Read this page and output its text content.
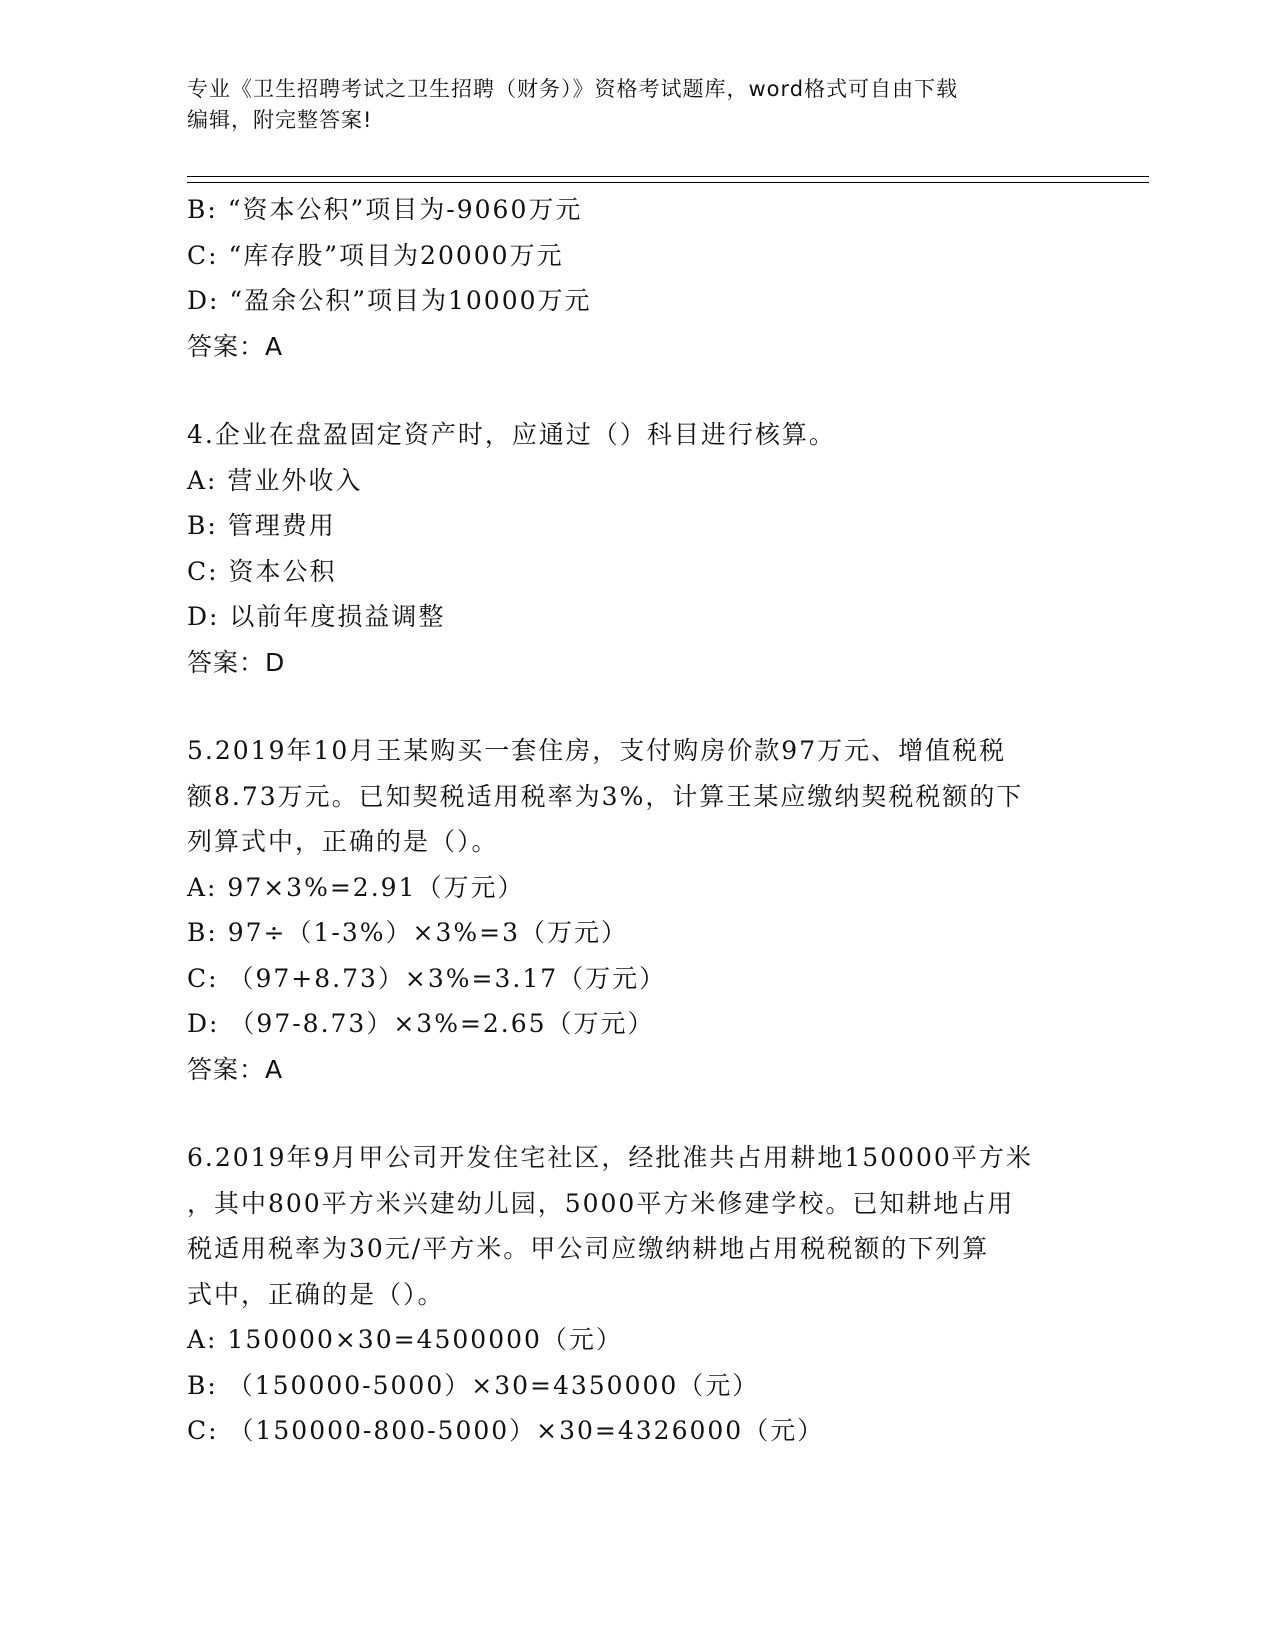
专业《卫生招聘考试之卫生招聘（财务）》资格考试题库，word格式可自由下载
编辑，附完整答案!
B: “资本公积”项目为-9060万元
C: “库存股”项目为20000万元
D: “盈余公积”项目为10000万元
答案：A
4.企业在盘盈固定资产时，应通过（）科目进行核算。
A: 营业外收入
B: 管理费用
C: 资本公积
D: 以前年度损益调整
答案：D
5.2019年10月王某购买一套住房，支付购房价款97万元、增值税税
额8.73万元。已知契税适用税率为3%，计算王某应缴纳契税税额的下
列算式中，正确的是（）。
A: 97×3%=2.91（万元）
B: 97÷（1-3%）×3%=3（万元）
C: （97+8.73）×3%=3.17（万元）
D: （97-8.73）×3%=2.65（万元）
答案：A
6.2019年9月甲公司开发住宅社区，经批准共占用耕地150000平方米
，其中800平方米兴建幼儿园，5000平方米修建学校。已知耕地占用
税适用税率为30元/平方米。甲公司应缴纳耕地占用税税额的下列算
式中，正确的是（）。
A: 150000×30=4500000（元）
B: （150000-5000）×30=4350000（元）
C: （150000-800-5000）×30=4326000（元）
